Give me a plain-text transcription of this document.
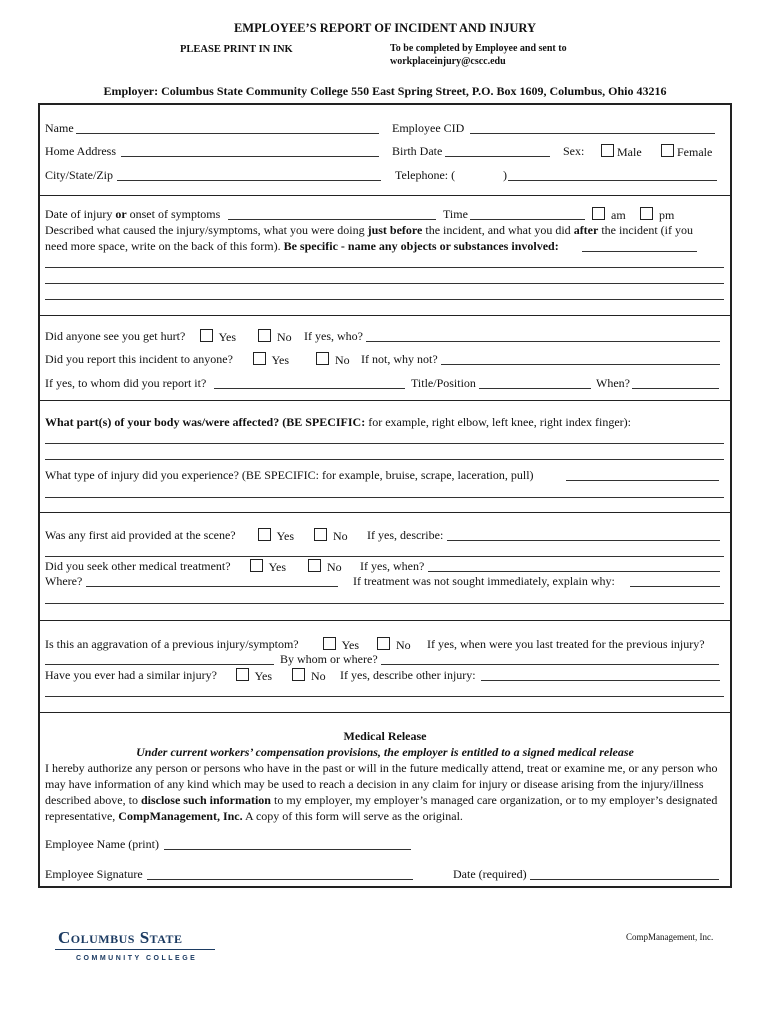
EMPLOYEE’S REPORT OF INCIDENT AND INJURY
PLEASE PRINT IN INK	To be completed by Employee and sent to
workplaceinjury@cscc.edu
Employer: Columbus State Community College 550 East Spring Street, P.O. Box 1609, Columbus, Ohio 43216
Name	Employee CID
Home Address	Birth Date	Sex:	Male	Female
City/State/Zip	Telephone: (	)
Date of injury or onset of symptoms	Time	am	pm
Described what caused the injury/symptoms, what you were doing just before the incident, and what you did after the incident (if you
need more space, write on the back of this form). Be specific - name any objects or substances involved:
Did anyone see you get hurt?	Yes	No If yes, who?
Did you report this incident to anyone?	Yes	No If not, why not?
If yes, to whom did you report it?	Title/Position	When?
What part(s) of your body was/were affected? (BE SPECIFIC: for example, right elbow, left knee, right index finger):
What type of injury did you experience? (BE SPECIFIC: for example, bruise, scrape, laceration, pull)
Was any first aid provided at the scene?	Yes	No If yes, describe:
Did you seek other medical treatment?	Yes	No If yes, when?
Where?	If treatment was not sought immediately, explain why:
Is this an aggravation of a previous injury/symptom?	Yes	No If yes, when were you last treated for the previous injury?
By whom or where?
Have you ever had a similar injury?	Yes	No If yes, describe other injury:
Medical Release
Under current workers’ compensation provisions, the employer is entitled to a signed medical release
I hereby authorize any person or persons who have in the past or will in the future medically attend, treat or examine me, or any person who may have information of any kind which may be used to reach a decision in any claim for injury or disease arising from the injury/illness described above, to disclose such information to my employer, my employer’s managed care organization, or to my employer’s designated representative, CompManagement, Inc. A copy of this form will serve as the original.
Employee Name (print)
Employee Signature	Date (required)
Columbus State
COMMUNITY COLLEGE
CompManagement, Inc.
